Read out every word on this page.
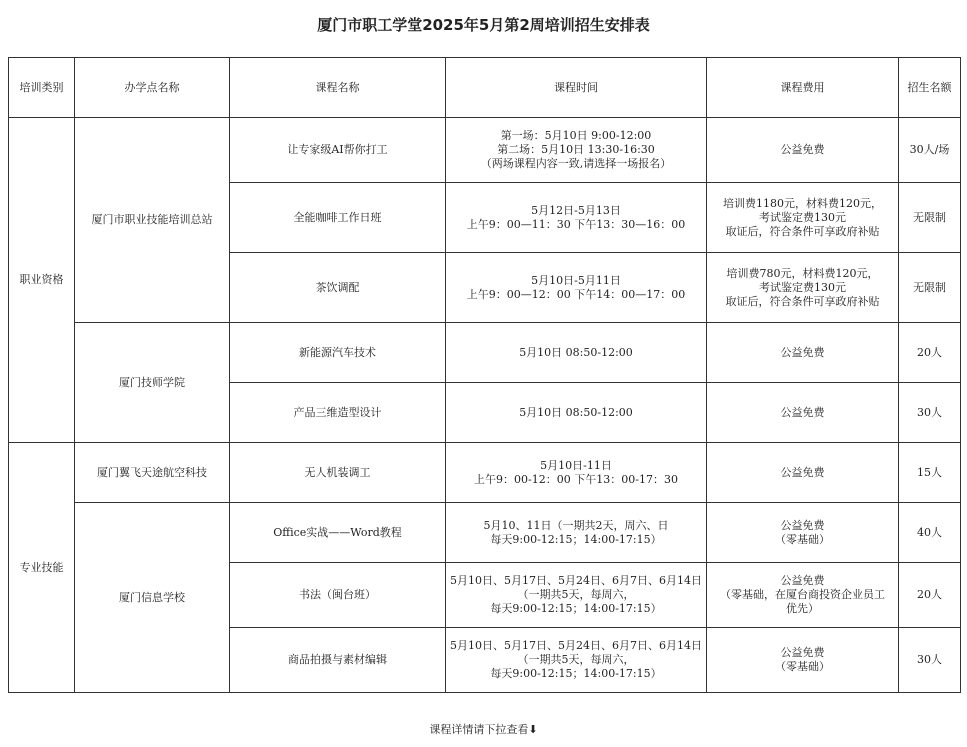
厦门市职工学堂2025年5月第2周培训招生安排表
培训类别	办学点名称	课程名称	课程时间	课程费用	招生名额
职业资格	厦门市职业技能培训总站	让专家级AI帮你打工	第一场：5月10日 9:00-12:00
第二场：5月10日 13:30-16:30
（两场课程内容一致,请选择一场报名）	公益免费	30人/场
		全能咖啡工作日班	5月12日-5月13日
上午9：00—11：30 下午13：30—16：00	培训费1180元，材料费120元，
考试鉴定费130元
取证后，符合条件可享政府补贴	无限制
		茶饮调配	5月10日-5月11日
上午9：00—12：00 下午14：00—17：00	培训费780元，材料费120元，
考试鉴定费130元
取证后，符合条件可享政府补贴	无限制
	厦门技师学院	新能源汽车技术	5月10日 08:50-12:00	公益免费	20人
		产品三维造型设计	5月10日 08:50-12:00	公益免费	30人
专业技能	厦门翼飞天途航空科技	无人机装调工	5月10日-11日
上午9：00-12：00 下午13：00-17：30	公益免费	15人
	厦门信息学校	Office实战——Word教程	5月10、11日（一期共2天，周六、日
每天9:00-12:15；14:00-17:15）	公益免费
（零基础）	40人
		书法（闽台班）	5月10日、5月17日、5月24日、6月7日、6月14日
（一期共5天，每周六，
每天9:00-12:15；14:00-17:15）	公益免费
（零基础，在厦台商投资企业员工
优先）	20人
		商品拍摄与素材编辑	5月10日、5月17日、5月24日、6月7日、6月14日
（一期共5天，每周六，
每天9:00-12:15；14:00-17:15）	公益免费
（零基础）	30人
课程详情请下拉查看⬇
